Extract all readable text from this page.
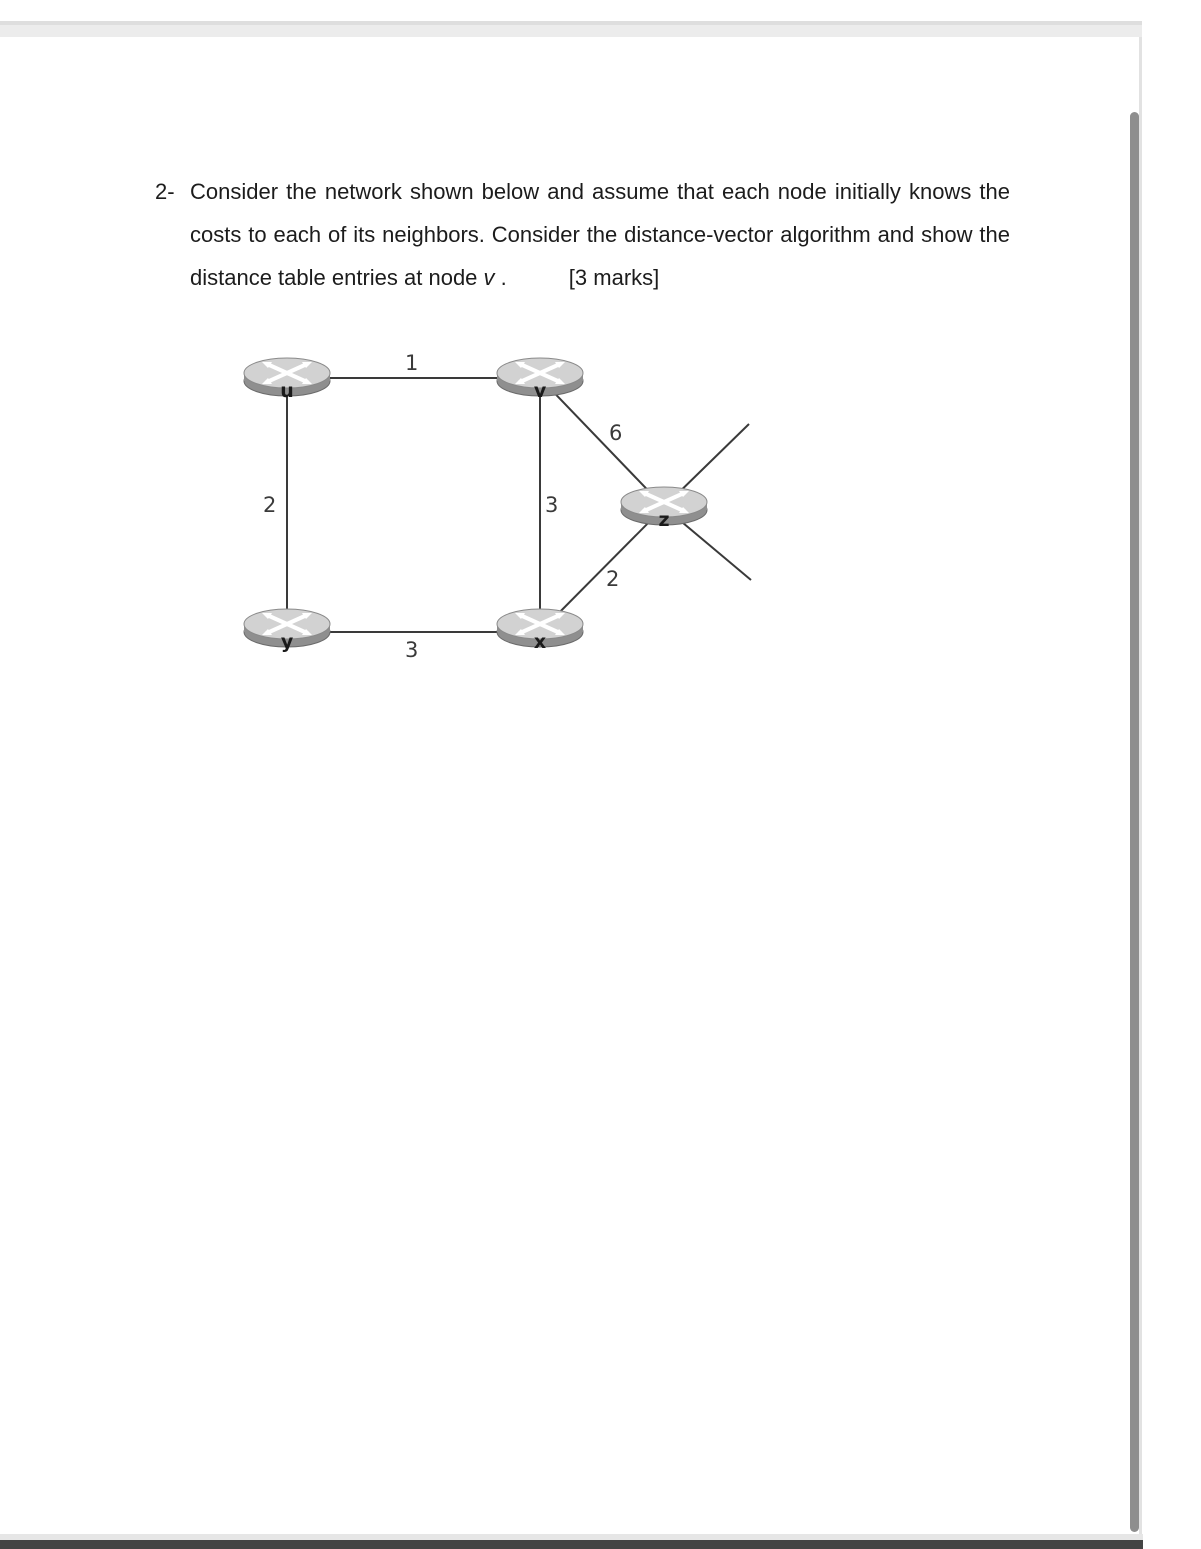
2- Consider the network shown below and assume that each node initially knows the costs to each of its neighbors. Consider the distance-vector algorithm and show the distance table entries at node v .	[3 marks]
1
2	3
6
3
2
u	v
y	x
z
